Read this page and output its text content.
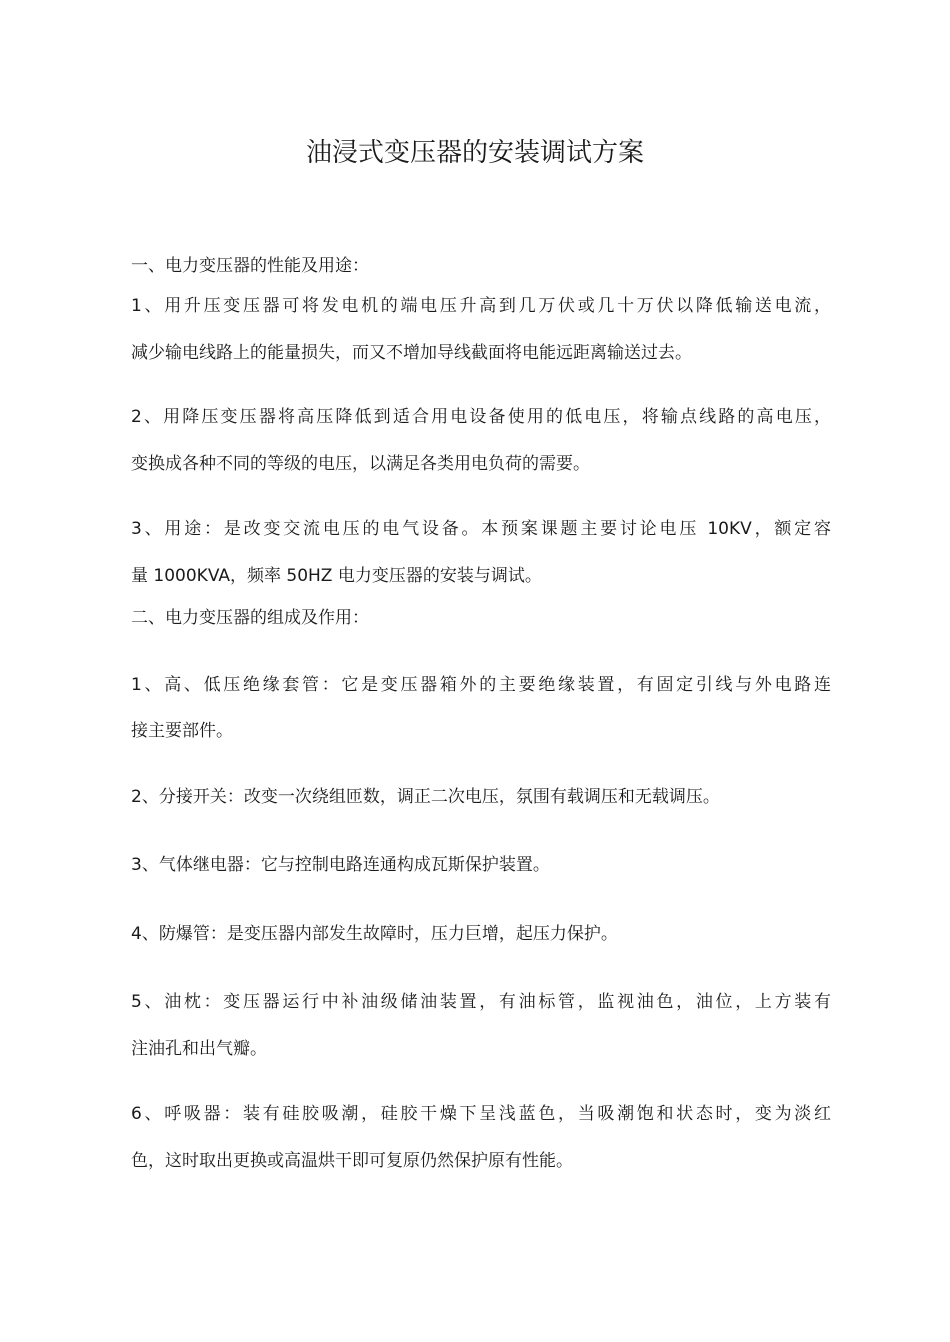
油浸式变压器的安装调试方案

一、电力变压器的性能及用途：

1、用升压变压器可将发电机的端电压升高到几万伏或几十万伏以降低输送电流，

减少输电线路上的能量损失，而又不增加导线截面将电能远距离输送过去。

2、用降压变压器将高压降低到适合用电设备使用的低电压，将输点线路的高电压，

变换成各种不同的等级的电压，以满足各类用电负荷的需要。

3、用途：是改变交流电压的电气设备。本预案课题主要讨论电压 10KV，额定容

量 1000KVA，频率 50HZ 电力变压器的安装与调试。

二、电力变压器的组成及作用：

1、高、低压绝缘套管：它是变压器箱外的主要绝缘装置，有固定引线与外电路连

接主要部件。

2、分接开关：改变一次绕组匝数，调正二次电压，氛围有载调压和无载调压。

3、气体继电器：它与控制电路连通构成瓦斯保护装置。

4、防爆管：是变压器内部发生故障时，压力巨增，起压力保护。

5、油枕：变压器运行中补油级储油装置，有油标管，监视油色，油位，上方装有

注油孔和出气瓣。

6、呼吸器：装有硅胶吸潮，硅胶干燥下呈浅蓝色，当吸潮饱和状态时，变为淡红

色，这时取出更换或高温烘干即可复原仍然保护原有性能。
